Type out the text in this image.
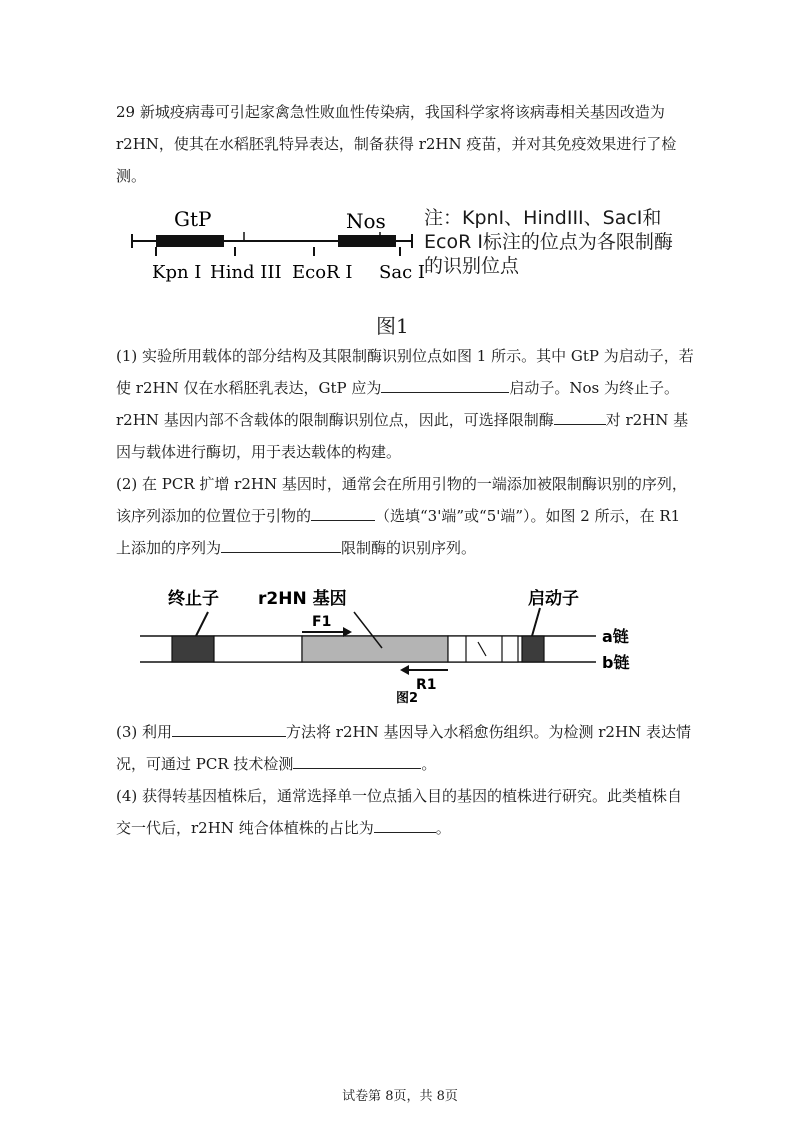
29 新城疫病毒可引起家禽急性败血性传染病，我国科学家将该病毒相关基因改造为 r2HN，使其在水稻胚乳特异表达，制备获得 r2HN 疫苗，并对其免疫效果进行了检测。

GtP	Nos
Kpn I Hind III EcoR I Sac I
注：KpnI、HindIII、SacI和EcoR I标注的位点为各限制酶的识别位点
图1

(1) 实验所用载体的部分结构及其限制酶识别位点如图 1 所示。其中 GtP 为启动子，若使 r2HN 仅在水稻胚乳表达，GtP 应为	启动子。Nos 为终止子。r2HN 基因内部不含载体的限制酶识别位点，因此，可选择限制酶	对 r2HN 基因与载体进行酶切，用于表达载体的构建。

(2) 在 PCR 扩增 r2HN 基因时，通常会在所用引物的一端添加被限制酶识别的序列，该序列添加的位置位于引物的	（选填“3'端”或“5'端”）。如图 2 所示，在 R1 上添加的序列为	限制酶的识别序列。

终止子 r2HN 基因	启动子
F1
R1
a链
b链
图2

(3) 利用	方法将 r2HN 基因导入水稻愈伤组织。为检测 r2HN 表达情况，可通过 PCR 技术检测	。

(4) 获得转基因植株后，通常选择单一位点插入目的基因的植株进行研究。此类植株自交一代后，r2HN 纯合体植株的占比为	。

试卷第 8页，共 8页
